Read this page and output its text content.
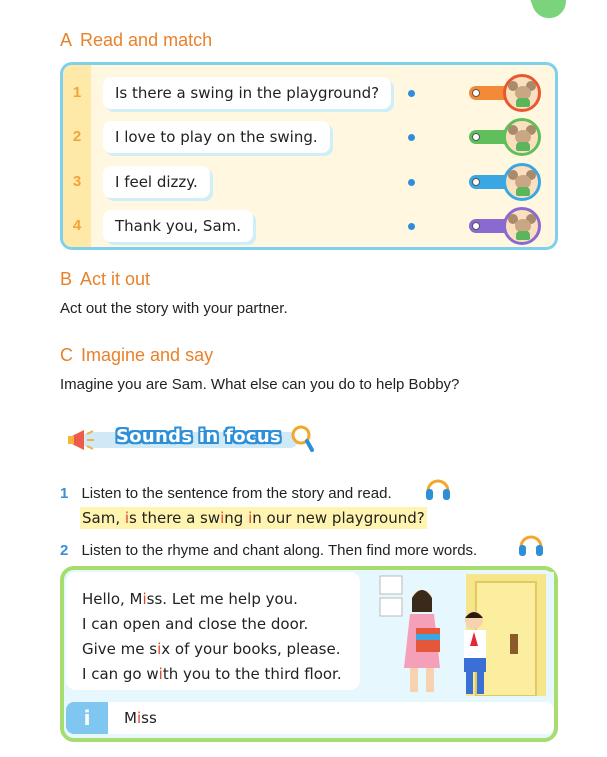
A Read and match
1	Is there a swing in the playground?
2	I love to play on the swing.
3	I feel dizzy.
4	Thank you, Sam.
B Act it out
Act out the story with your partner.
C Imagine and say
Imagine you are Sam. What else can you do to help Bobby?
Sounds in focus
1 Listen to the sentence from the story and read.
Sam, is there a swing in our new playground?
2 Listen to the rhyme and chant along. Then find more words.
Hello, Miss. Let me help you.
I can open and close the door.
Give me six of your books, please.
I can go with you to the third floor.
i	Miss
